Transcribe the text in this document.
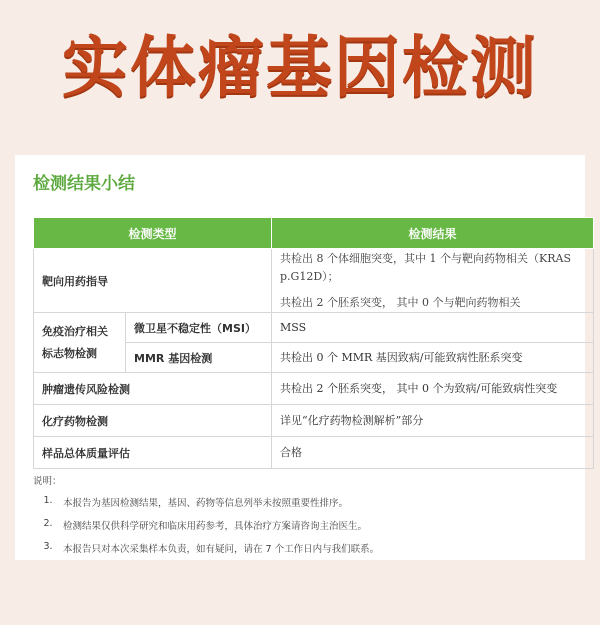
实体瘤基因检测
检测结果小结
检测类型		检测结果
靶向用药指导		共检出 8 个体细胞突变，其中 1 个与靶向药物相关（KRAS
p.G12D）；
共检出 2 个胚系突变， 其中 0 个与靶向药物相关

免疫治疗相关标志物检测	微卫星不稳定性（MSI）	MSS
	MMR 基因检测	共检出 0 个 MMR 基因致病/可能致病性胚系突变
肿瘤遗传风险检测		共检出 2 个胚系突变， 其中 0 个为致病/可能致病性突变
化疗药物检测		详见“化疗药物检测解析”部分
样品总体质量评估		合格
说明：
1.	本报告为基因检测结果，基因、药物等信息列举未按照重要性排序。
2.	检测结果仅供科学研究和临床用药参考，具体治疗方案请咨询主治医生。
3.	本报告只对本次采集样本负责，如有疑问，请在 7 个工作日内与我们联系。
